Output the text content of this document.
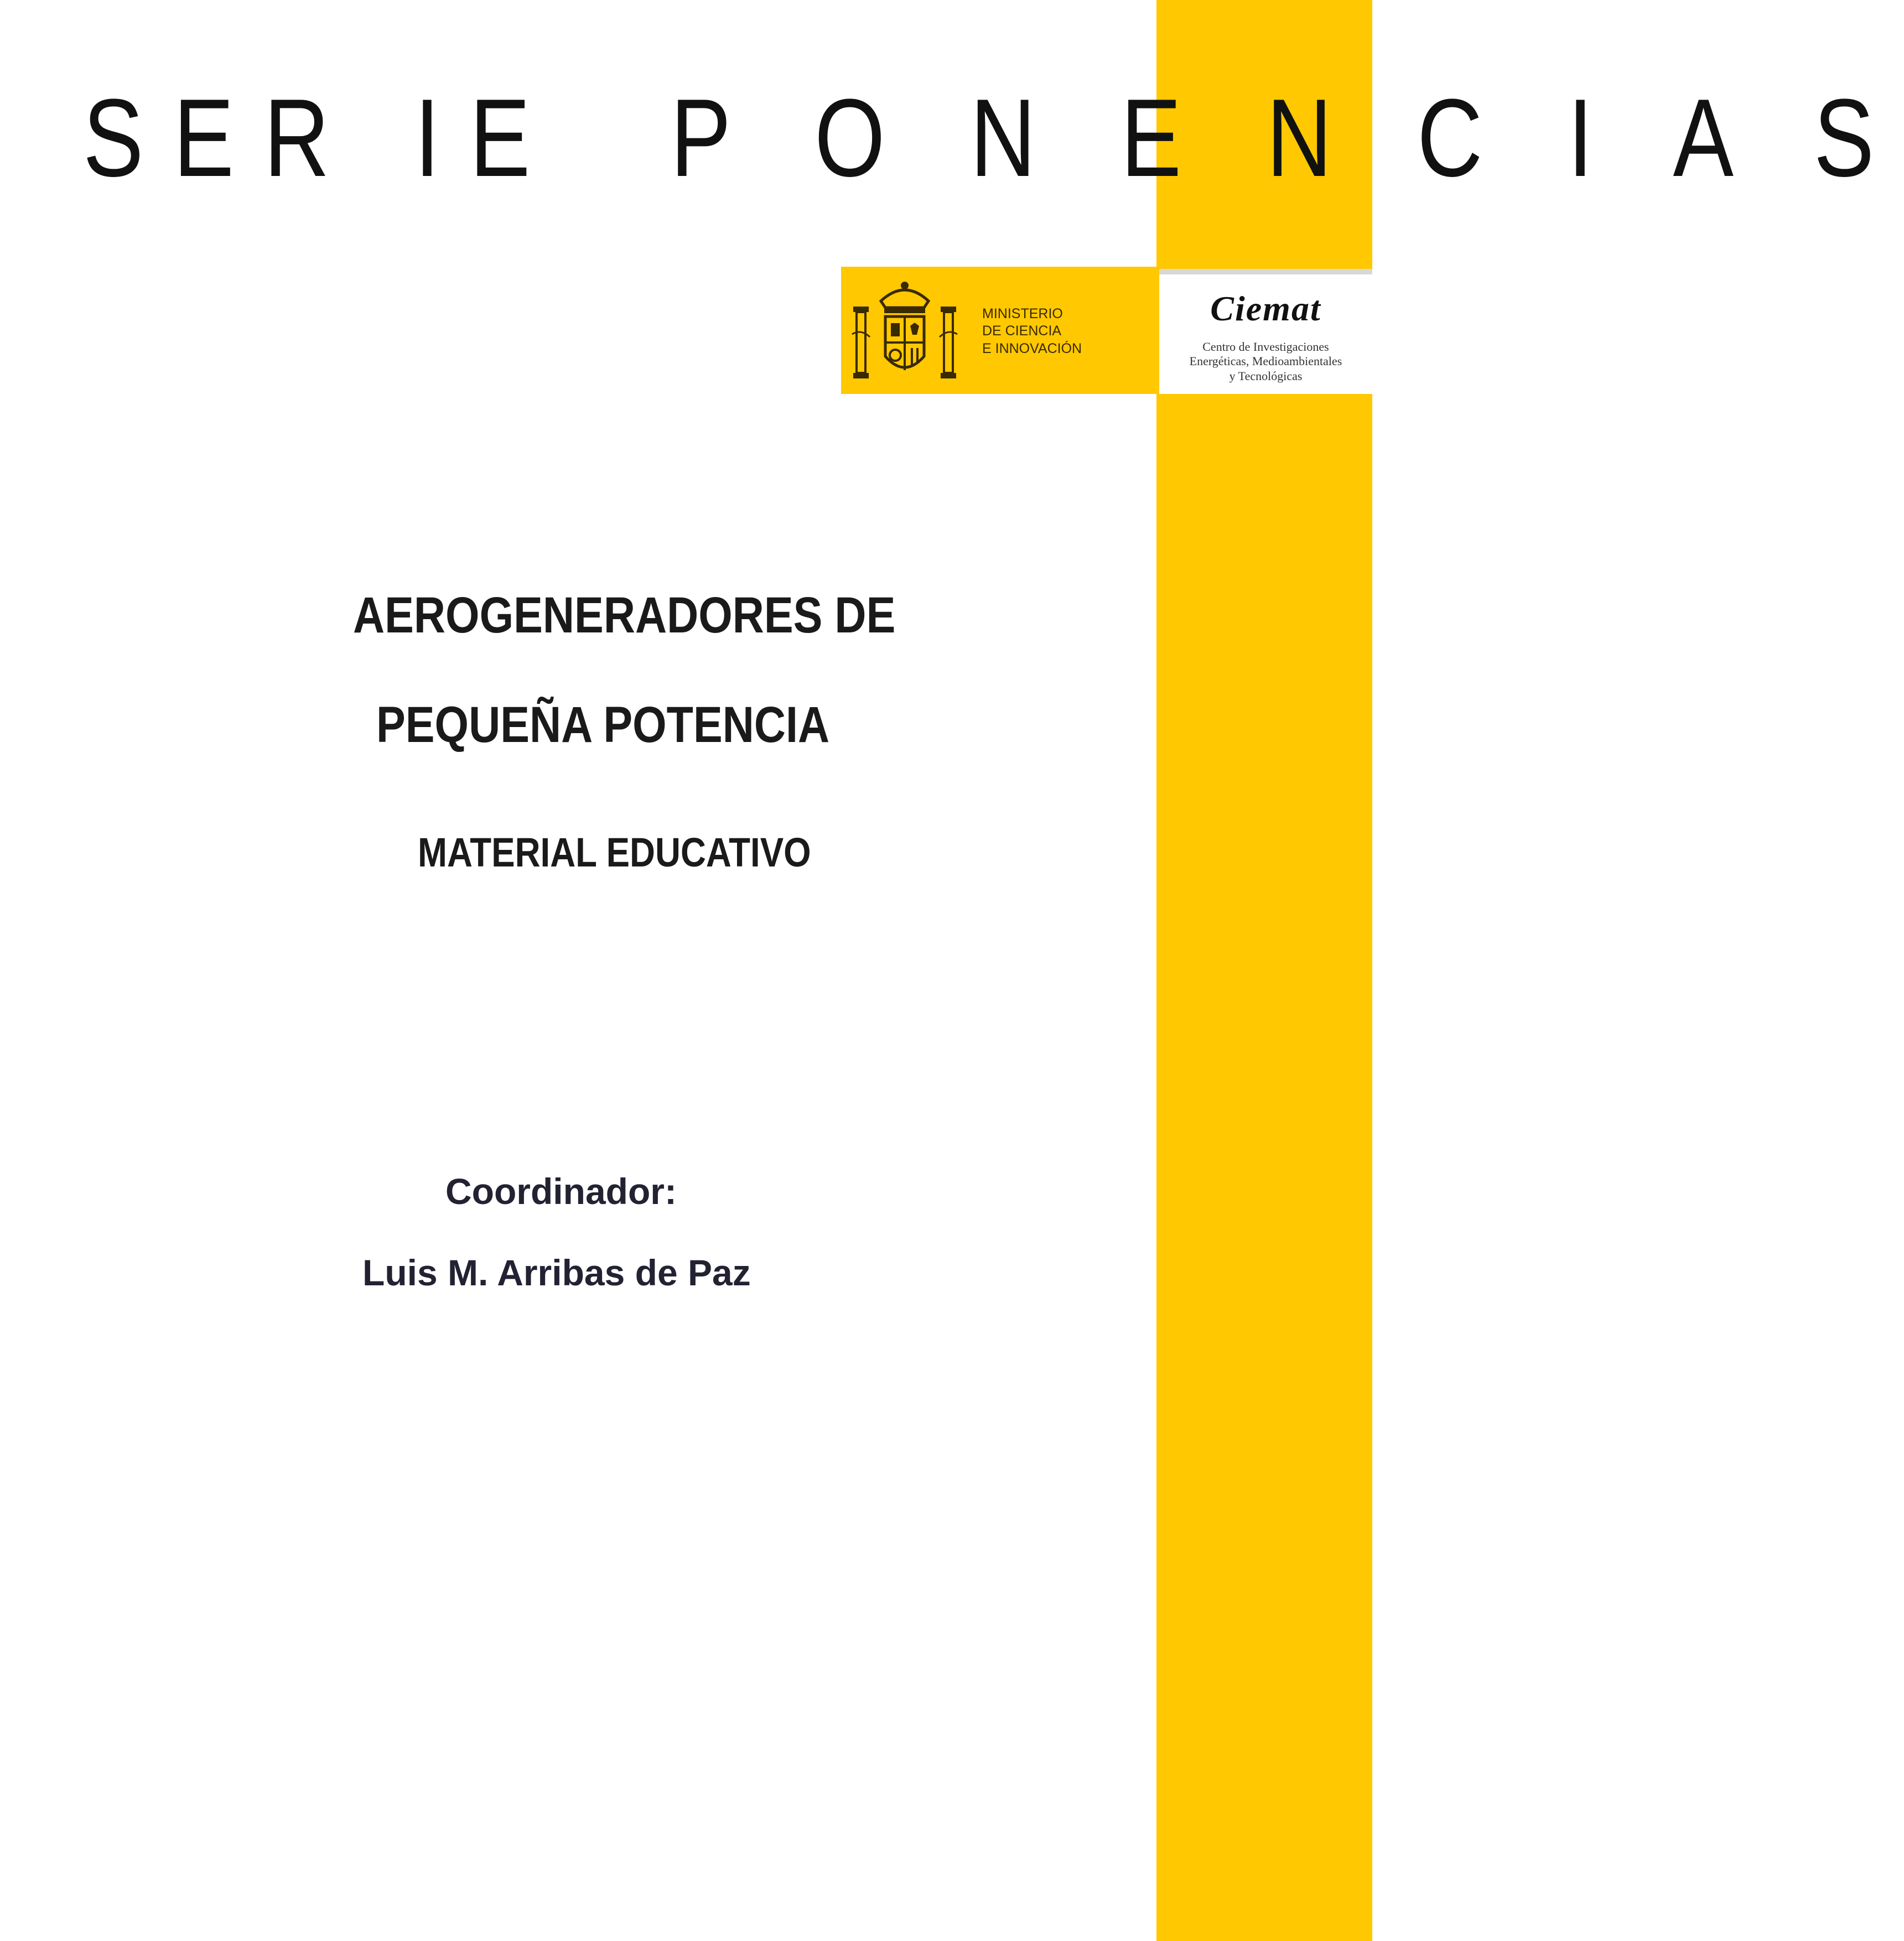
SER IE  P O N E N C I A S
MINISTERIO
DE CIENCIA
E INNOVACIÓN
Ciemat
Centro de Investigaciones
Energéticas, Medioambientales
y Tecnológicas
AEROGENERADORES DE
PEQUEÑA POTENCIA
MATERIAL EDUCATIVO
Coordinador:
Luis M. Arribas de Paz
